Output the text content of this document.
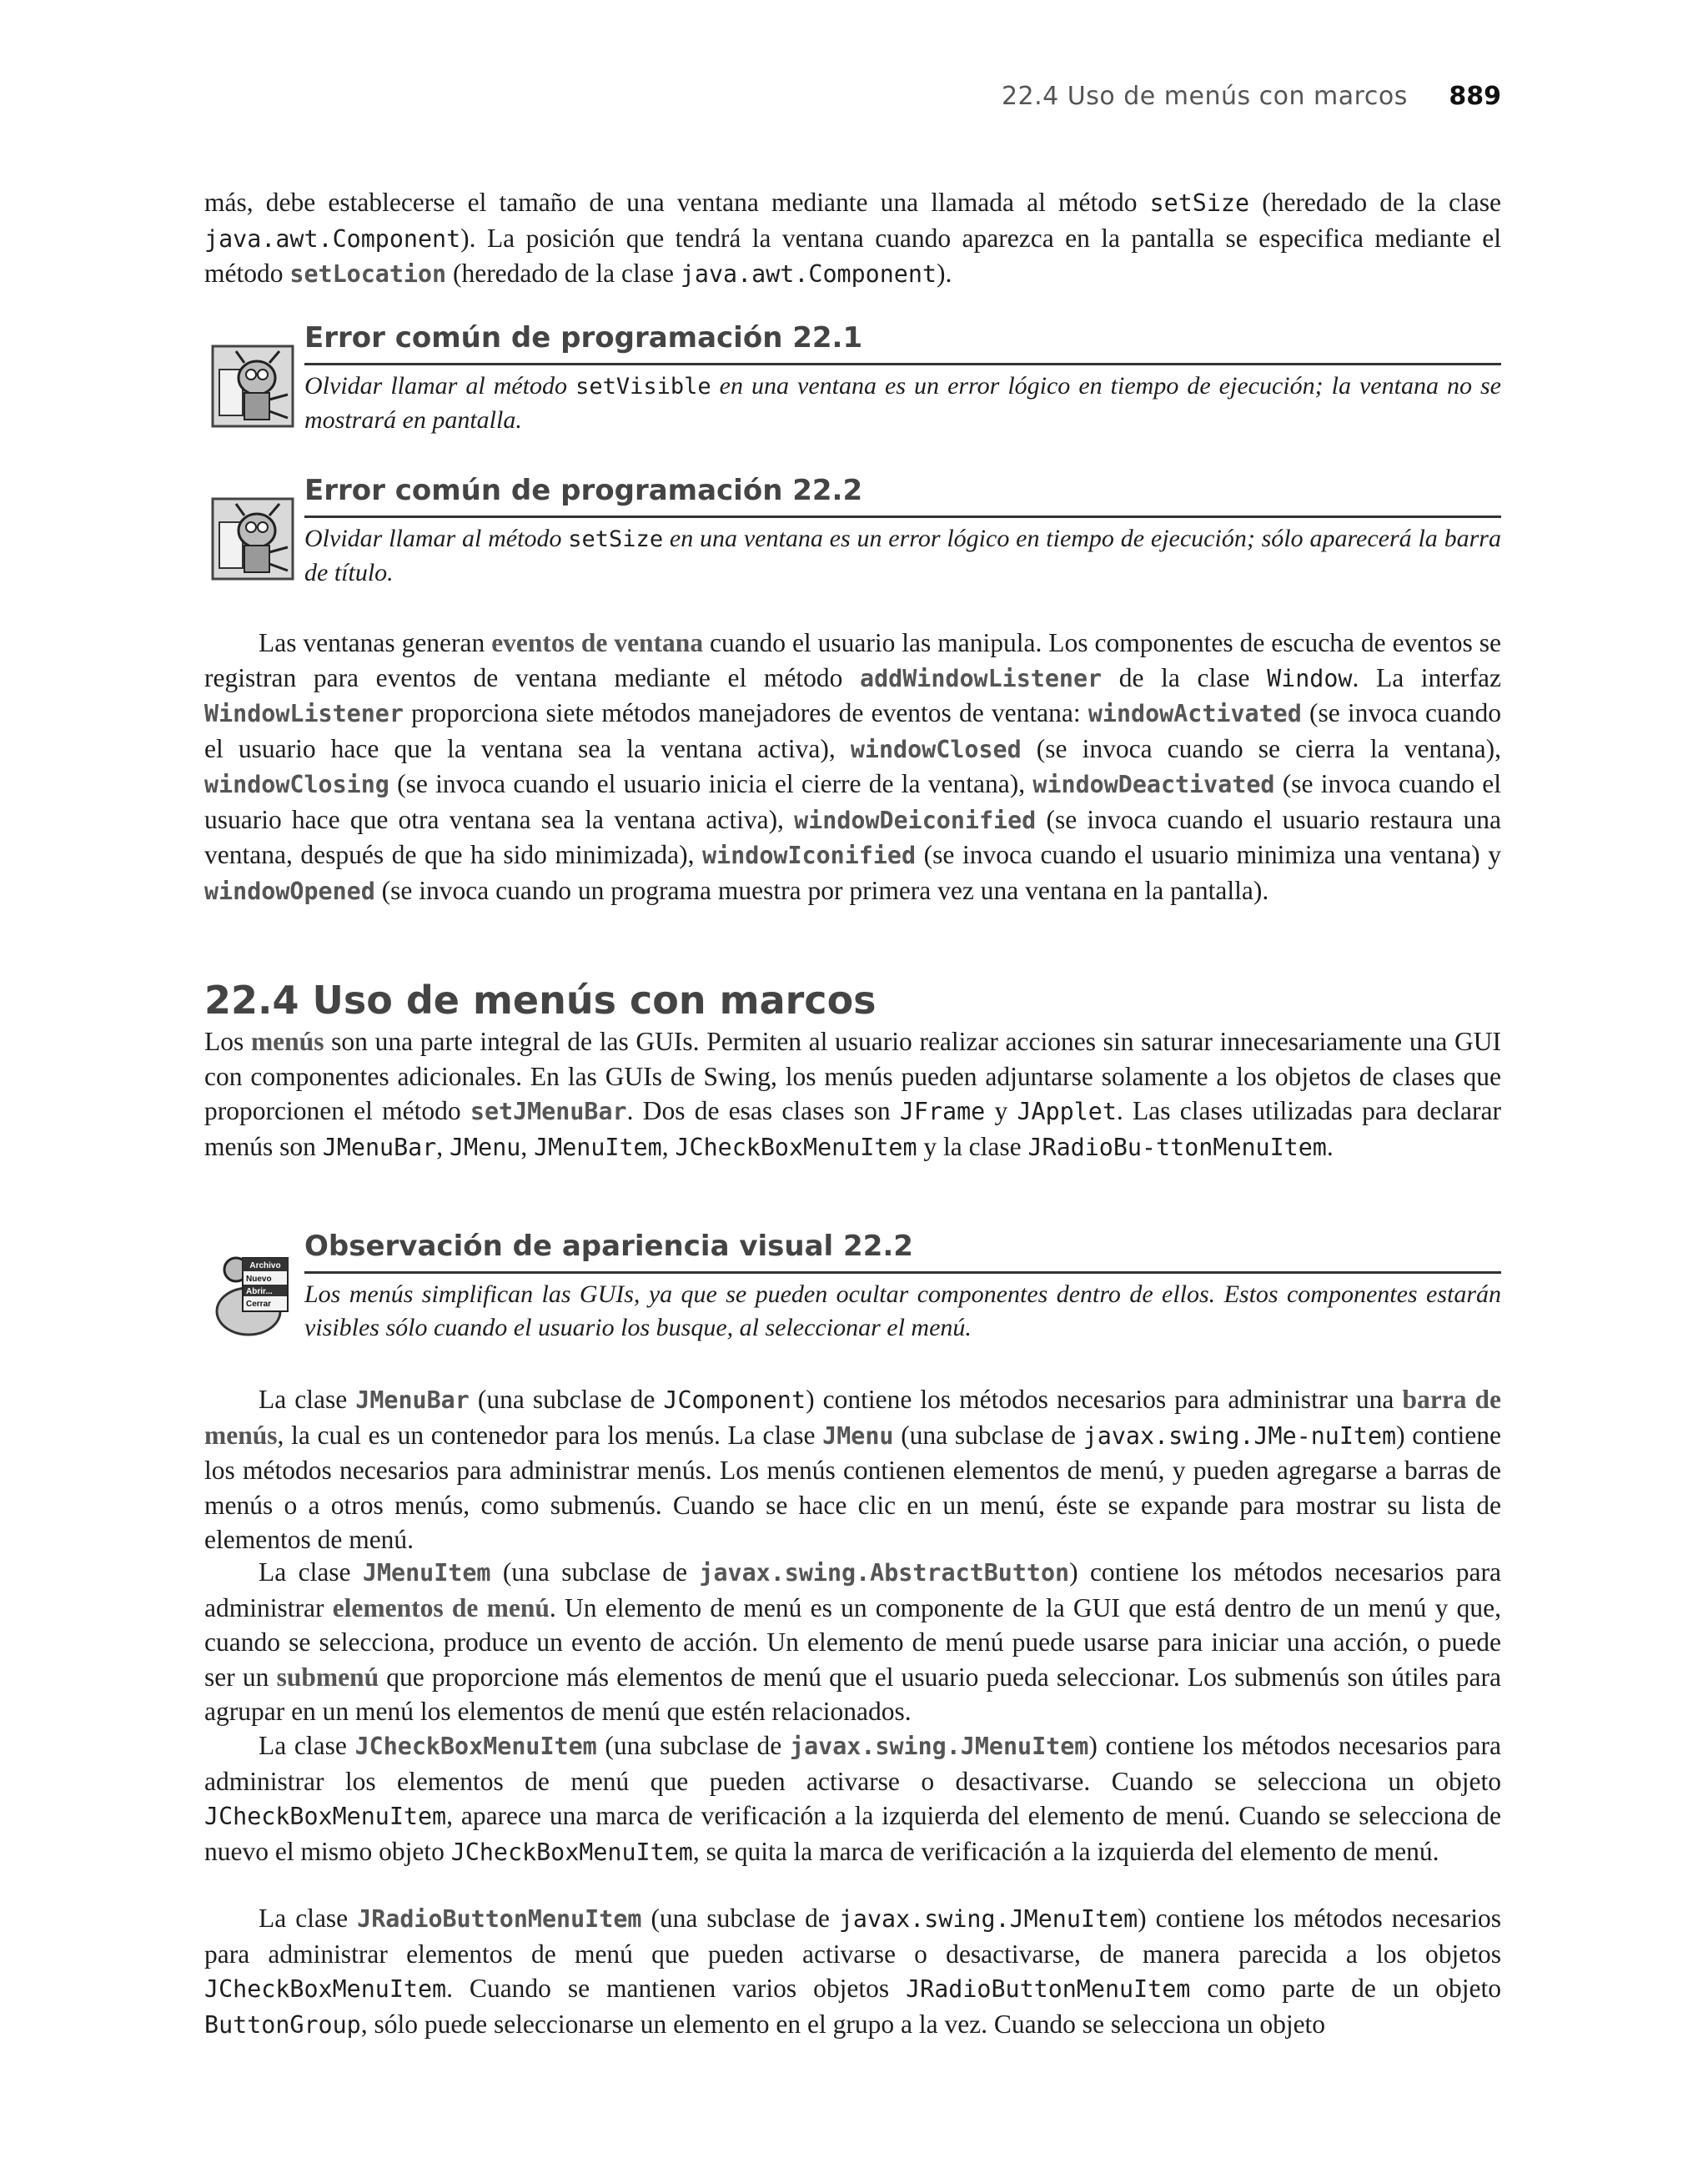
22.4 Uso de menús con marcos 889

más, debe establecerse el tamaño de una ventana mediante una llamada al método setSize (heredado de la clase java.awt.Component). La posición que tendrá la ventana cuando aparezca en la pantalla se especifica mediante el método setLocation (heredado de la clase java.awt.Component).

Error común de programación 22.1
Olvidar llamar al método setVisible en una ventana es un error lógico en tiempo de ejecución; la ventana no se mostrará en pantalla.
Error común de programación 22.2
Olvidar llamar al método setSize en una ventana es un error lógico en tiempo de ejecución; sólo aparecerá la barra de título.

Las ventanas generan eventos de ventana cuando el usuario las manipula. Los componentes de escucha de eventos se registran para eventos de ventana mediante el método addWindowListener de la clase Window. La interfaz WindowListener proporciona siete métodos manejadores de eventos de ventana: windowActivated (se invoca cuando el usuario hace que la ventana sea la ventana activa), windowClosed (se invoca cuando se cierra la ventana), windowClosing (se invoca cuando el usuario inicia el cierre de la ventana), windowDeactivated (se invoca cuando el usuario hace que otra ventana sea la ventana activa), windowDeiconified (se invoca cuando el usuario restaura una ventana, después de que ha sido minimizada), windowIconified (se invoca cuando el usuario minimiza una ventana) y windowOpened (se invoca cuando un programa muestra por primera vez una ventana en la pantalla).

22.4 Uso de menús con marcos

Los menús son una parte integral de las GUIs. Permiten al usuario realizar acciones sin saturar innecesariamente una GUI con componentes adicionales. En las GUIs de Swing, los menús pueden adjuntarse solamente a los objetos de clases que proporcionen el método setJMenuBar. Dos de esas clases son JFrame y JApplet. Las clases utilizadas para declarar menús son JMenuBar, JMenu, JMenuItem, JCheckBoxMenuItem y la clase JRadioBu-ttonMenuItem.

Archivo
Nuevo
Abrir...
Cerrar
Observación de apariencia visual 22.2
Los menús simplifican las GUIs, ya que se pueden ocultar componentes dentro de ellos. Estos componentes estarán visibles sólo cuando el usuario los busque, al seleccionar el menú.

La clase JMenuBar (una subclase de JComponent) contiene los métodos necesarios para administrar una barra de menús, la cual es un contenedor para los menús. La clase JMenu (una subclase de javax.swing.JMe-nuItem) contiene los métodos necesarios para administrar menús. Los menús contienen elementos de menú, y pueden agregarse a barras de menús o a otros menús, como submenús. Cuando se hace clic en un menú, éste se expande para mostrar su lista de elementos de menú.

La clase JMenuItem (una subclase de javax.swing.AbstractButton) contiene los métodos necesarios para administrar elementos de menú. Un elemento de menú es un componente de la GUI que está dentro de un menú y que, cuando se selecciona, produce un evento de acción. Un elemento de menú puede usarse para iniciar una acción, o puede ser un submenú que proporcione más elementos de menú que el usuario pueda seleccionar. Los submenús son útiles para agrupar en un menú los elementos de menú que estén relacionados.

La clase JCheckBoxMenuItem (una subclase de javax.swing.JMenuItem) contiene los métodos necesarios para administrar los elementos de menú que pueden activarse o desactivarse. Cuando se selecciona un objeto JCheckBoxMenuItem, aparece una marca de verificación a la izquierda del elemento de menú. Cuando se selecciona de nuevo el mismo objeto JCheckBoxMenuItem, se quita la marca de verificación a la izquierda del elemento de menú.

La clase JRadioButtonMenuItem (una subclase de javax.swing.JMenuItem) contiene los métodos necesarios para administrar elementos de menú que pueden activarse o desactivarse, de manera parecida a los objetos JCheckBoxMenuItem. Cuando se mantienen varios objetos JRadioButtonMenuItem como parte de un objeto ButtonGroup, sólo puede seleccionarse un elemento en el grupo a la vez. Cuando se selecciona un objeto
